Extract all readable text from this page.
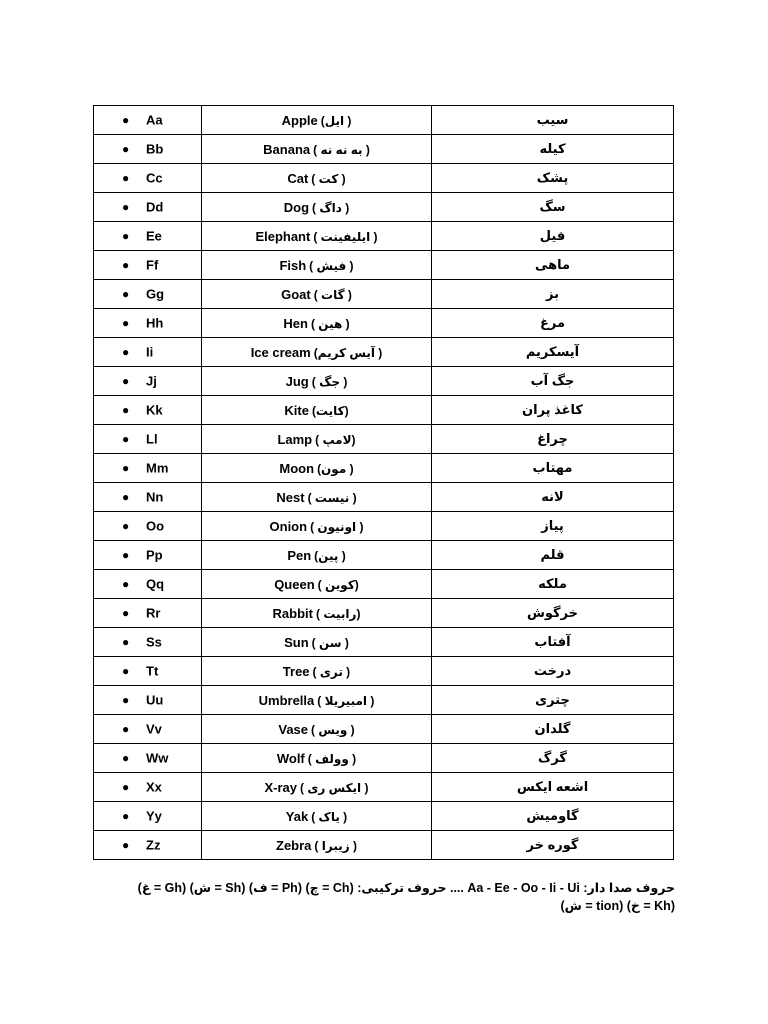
● Aa	Apple ( ایل)	سیب

● Bb	Banana ( به نه نه )	کیله

● Cc	Cat ( کت )	پشک

● Dd	Dog ( داگ )	سگ

● Ee	Elephant ( ایلیفینت )	فیل

● Ff	Fish ( فیش )	ماهی

● Gg	Goat ( گات )	بز

● Hh	Hen ( هین )	مرغ

● Ii	Ice cream ( آیس کریم)	آیسکریم

● Jj	Jug ( جگ )	جگ آب

● Kk	Kite (کایت)	کاغذ پران

● Ll	Lamp (لامپ )	چراغ

● Mm	Moon ( مون)	مهتاب

● Nn	Nest ( نیست )	لانه

● Oo	Onion ( اونیون )	پیاز

● Pp	Pen ( پین)	قلم

● Qq	Queen (کوین )	ملکه

● Rr	Rabbit (رابیت )	خرگوش

● Ss	Sun ( سن )	آفتاب

● Tt	Tree ( تری )	درخت

● Uu	Umbrella ( امبیریلا )	چتری

● Vv	Vase ( ویس )	گلدان

● Ww	Wolf ( وولف )	گرگ

● Xx	X-ray ( ایکس ری )	اشعه ایکس

● Yy	Yak ( یاک )	گاومیش

● Zz	Zebra ( زیبرا )	گوره خر
حروف صدا دار: Aa - Ee - Oo - Ii - Ui .... حروف ترکیبی: (Ch = چ) (Ph = ف) (Sh = ش) (Gh = غ)
(Kh = خ) (tion = ش)
